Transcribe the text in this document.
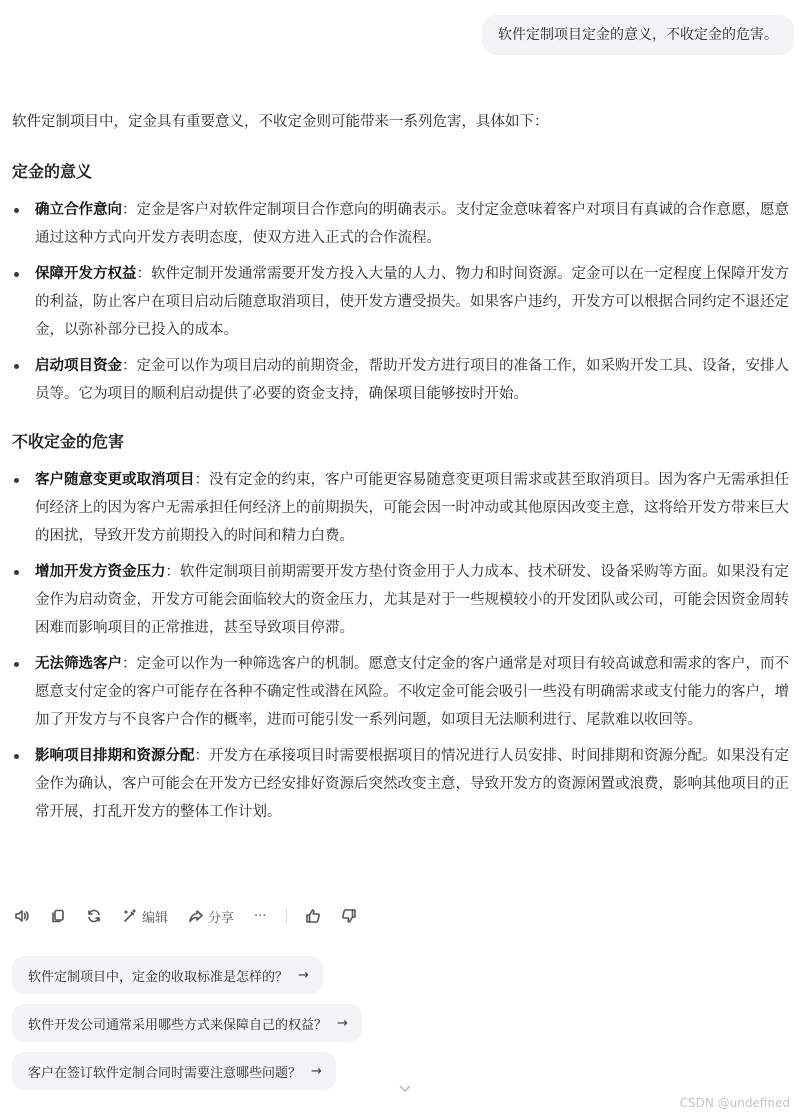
软件定制项目定金的意义，不收定金的危害。

软件定制项目中，定金具有重要意义，不收定金则可能带来一系列危害，具体如下：

定金的意义
确立合作意向：定金是客户对软件定制项目合作意向的明确表示。支付定金意味着客户对项目有真诚的合作意愿，愿意通过这种方式向开发方表明态度，使双方进入正式的合作流程。
保障开发方权益：软件定制开发通常需要开发方投入大量的人力、物力和时间资源。定金可以在一定程度上保障开发方的利益，防止客户在项目启动后随意取消项目，使开发方遭受损失。如果客户违约，开发方可以根据合同约定不退还定金，以弥补部分已投入的成本。
启动项目资金：定金可以作为项目启动的前期资金，帮助开发方进行项目的准备工作，如采购开发工具、设备，安排人员等。它为项目的顺利启动提供了必要的资金支持，确保项目能够按时开始。
不收定金的危害
客户随意变更或取消项目：没有定金的约束，客户可能更容易随意变更项目需求或甚至取消项目。因为客户无需承担任何经济上的因为客户无需承担任何经济上的前期损失，可能会因一时冲动或其他原因改变主意，这将给开发方带来巨大的困扰，导致开发方前期投入的时间和精力白费。
增加开发方资金压力：软件定制项目前期需要开发方垫付资金用于人力成本、技术研发、设备采购等方面。如果没有定金作为启动资金，开发方可能会面临较大的资金压力，尤其是对于一些规模较小的开发团队或公司，可能会因资金周转困难而影响项目的正常推进，甚至导致项目停滞。
无法筛选客户：定金可以作为一种筛选客户的机制。愿意支付定金的客户通常是对项目有较高诚意和需求的客户，而不愿意支付定金的客户可能存在各种不确定性或潜在风险。不收定金可能会吸引一些没有明确需求或支付能力的客户，增加了开发方与不良客户合作的概率，进而可能引发一系列问题，如项目无法顺利进行、尾款难以收回等。
影响项目排期和资源分配：开发方在承接项目时需要根据项目的情况进行人员安排、时间排期和资源分配。如果没有定金作为确认，客户可能会在开发方已经安排好资源后突然改变主意，导致开发方的资源闲置或浪费，影响其他项目的正常开展，打乱开发方的整体工作计划。
编辑	分享 ···
软件定制项目中，定金的收取标准是怎样的？ →
软件开发公司通常采用哪些方式来保障自己的权益？ →
客户在签订软件定制合同时需要注意哪些问题？ →
CSDN @undefined
